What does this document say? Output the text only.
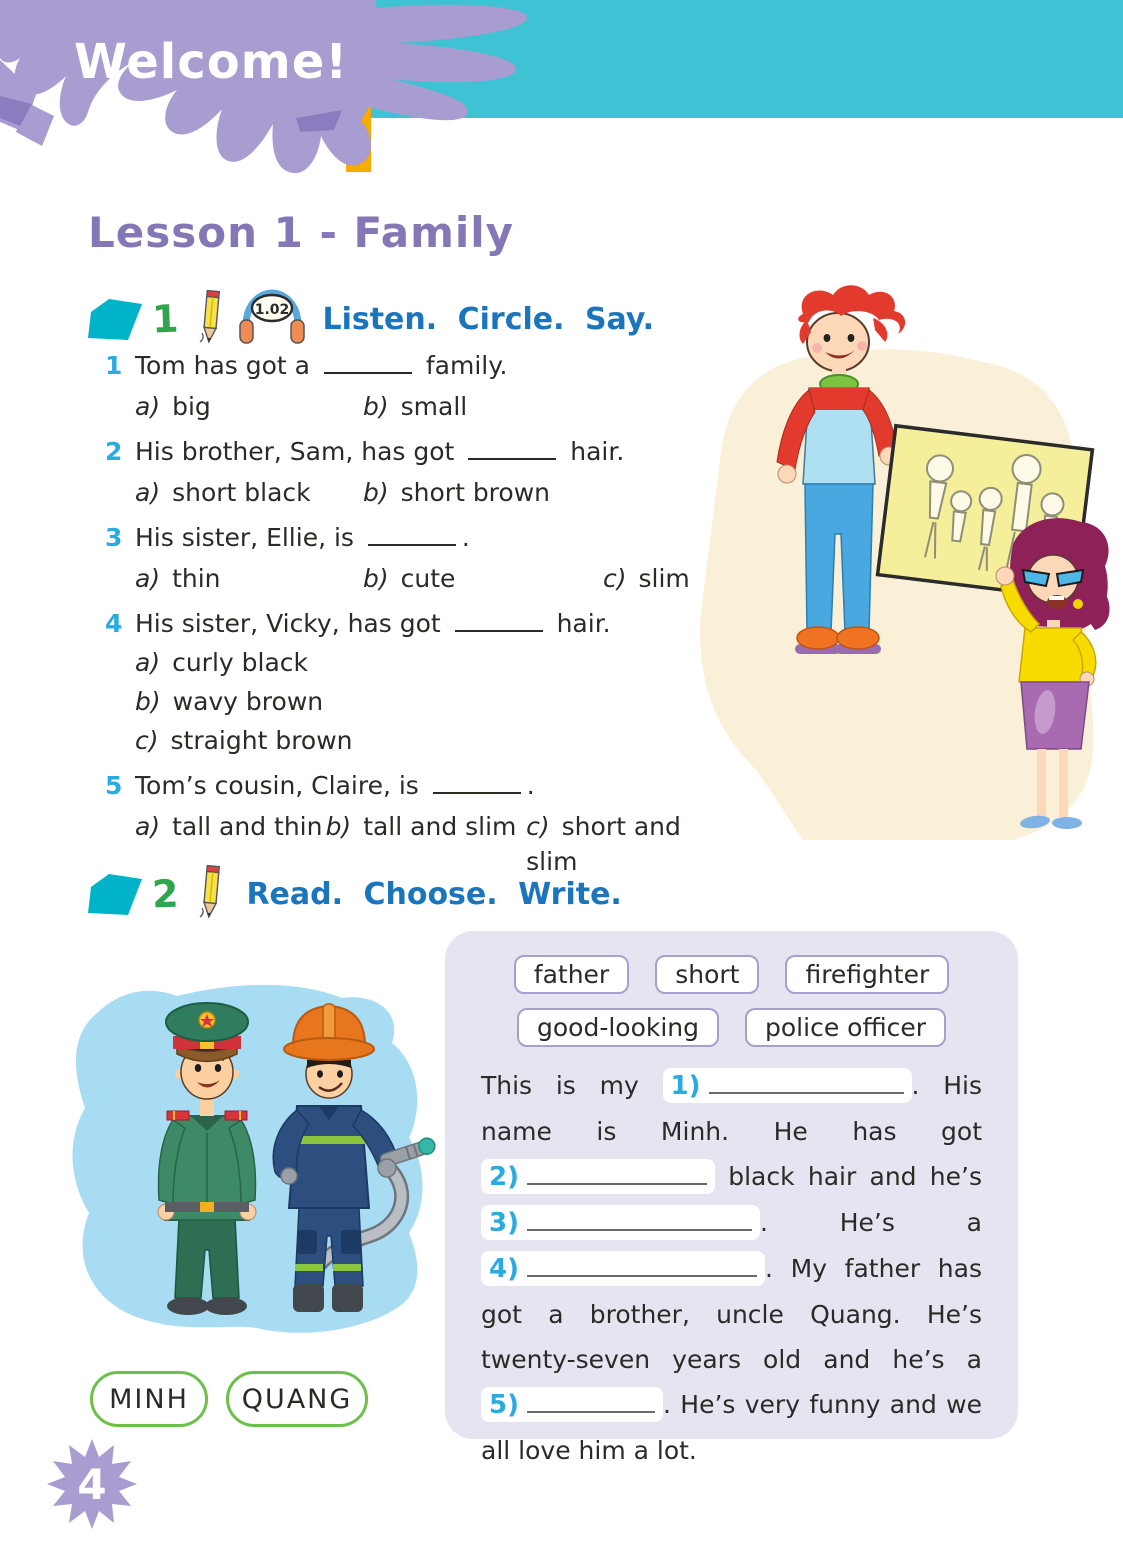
Welcome!
Lesson 1 - Family
1	1.02 Listen. Circle. Say.
1 Tom has got a	family.
a) big	b) small
2 His brother, Sam, has got	hair.
a) short black	b) short brown
3 His sister, Ellie, is	.
a) thin	b) cute	c) slim
4 His sister, Vicky, has got	hair.
a) curly black
b) wavy brown
c) straight brown
5 Tom’s cousin, Claire, is	.
a) tall and thin b) tall and slim c) short and slim
2 Read. Choose. Write.
MINH	QUANG
father	short	firefighter
good-looking	police officer
This is my 1)	. His name is Minh. He has got 2)	black hair and he’s 3)	. He’s a 4)	. My father has got a brother, uncle Quang. He’s twenty-seven years old and he’s a 5)	. He’s very funny and we all love him a lot.
4
